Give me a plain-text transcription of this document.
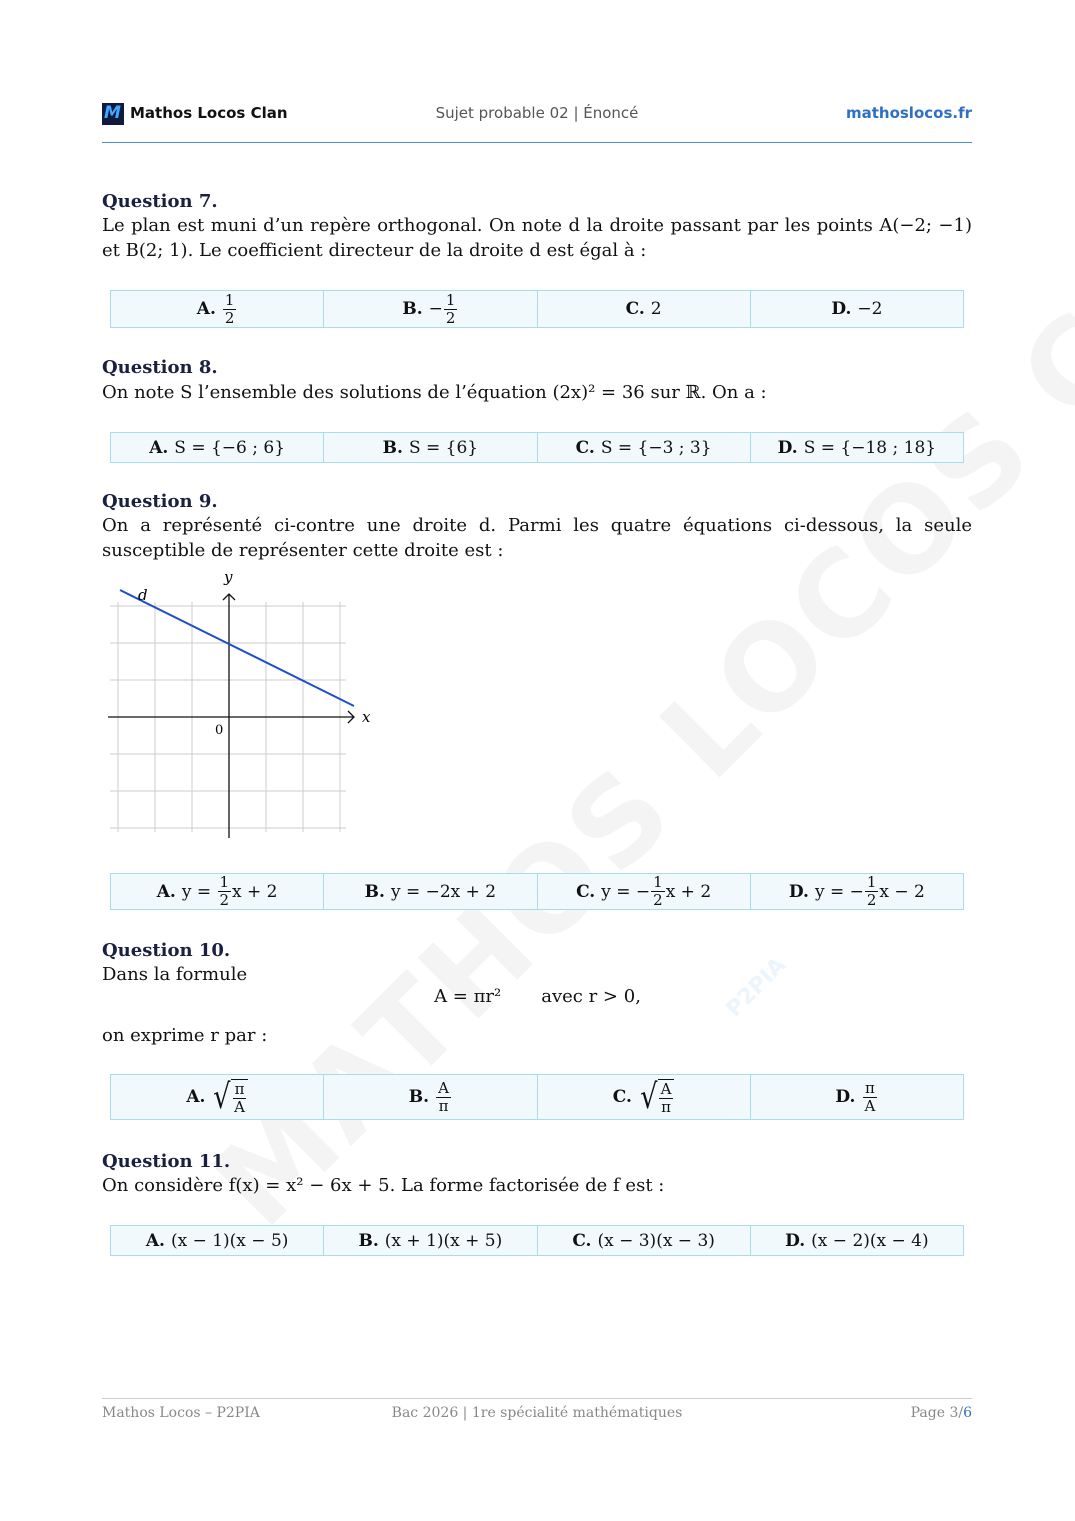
P2PIA
M Mathos Locos Clan	Sujet probable 02 | Énoncé	mathoslocos.fr
Question 7.
Le plan est muni d’un repère orthogonal. On note d la droite passant par les points A(−2; −1) et B(2; 1). Le coefficient directeur de la droite d est égal à :
A. $\frac{1}{2}$	B. − $\frac{1}{2}$	C. 2	D. −2
Question 8.
On note S l’ensemble des solutions de l’équation (2x)² = 36 sur ℝ. On a :
A. S = {−6 ; 6}	B. S = {6}	C. S = {−3 ; 3}	D. S = {−18 ; 18}
Question 9.
On a représenté ci-contre une droite d. Parmi les quatre équations ci-dessous, la seule susceptible de représenter cette droite est :
d
x
y
0
A. y =
$\frac{1}{2}$ x + 2	B. y = −2x + 2	C. y = − $\frac{1}{2}$ x + 2	D. y = − $\frac{1}{2}$ x − 2
Question 10.
Dans la formule
A = πr² avec r > 0,
on exprime r par :
A. √ $\frac{\pi}{A}$	B. $\frac{A}{\pi}$	C. √ $\frac{A}{\pi}$	D. $\frac{\pi}{A}$
Question 11.
On considère f(x) = x² − 6x + 5. La forme factorisée de f est :
A. (x − 1)(x − 5)	B. (x + 1)(x + 5)	C. (x − 3)(x − 3)	D. (x − 2)(x − 4)
Mathos Locos – P2PIA	Bac 2026 | 1re spécialité mathématiques	Page 3/6
